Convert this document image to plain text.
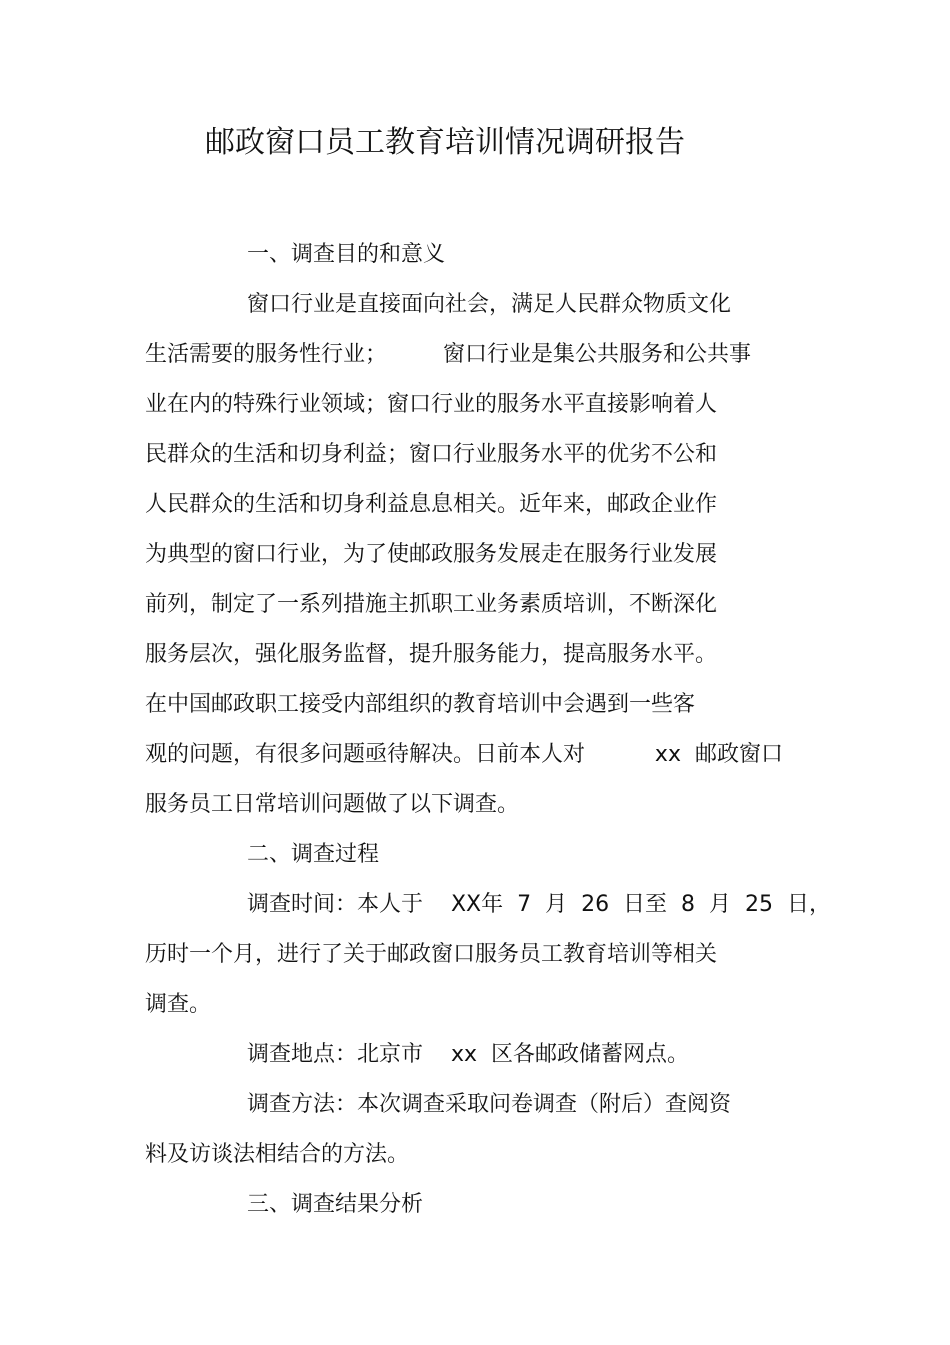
邮政窗口员工教育培训情况调研报告
一、调查目的和意义
窗口行业是直接面向社会，满足人民群众物质文化
生活需要的服务性行业；        窗口行业是集公共服务和公共事
业在内的特殊行业领域；窗口行业的服务水平直接影响着人
民群众的生活和切身利益；窗口行业服务水平的优劣不公和
人民群众的生活和切身利益息息相关。近年来，邮政企业作
为典型的窗口行业，为了使邮政服务发展走在服务行业发展
前列，制定了一系列措施主抓职工业务素质培训，不断深化
服务层次，强化服务监督，提升服务能力，提高服务水平。
在中国邮政职工接受内部组织的教育培训中会遇到一些客
观的问题，有很多问题亟待解决。日前本人对          xx  邮政窗口
服务员工日常培训问题做了以下调查。
二、调查过程
调查时间：本人于    XX年  7  月  26  日至  8  月  25  日，
历时一个月，进行了关于邮政窗口服务员工教育培训等相关
调查。
调查地点：北京市    xx  区各邮政储蓄网点。
调查方法：本次调查采取问卷调查（附后）查阅资
料及访谈法相结合的方法。
三、调查结果分析
